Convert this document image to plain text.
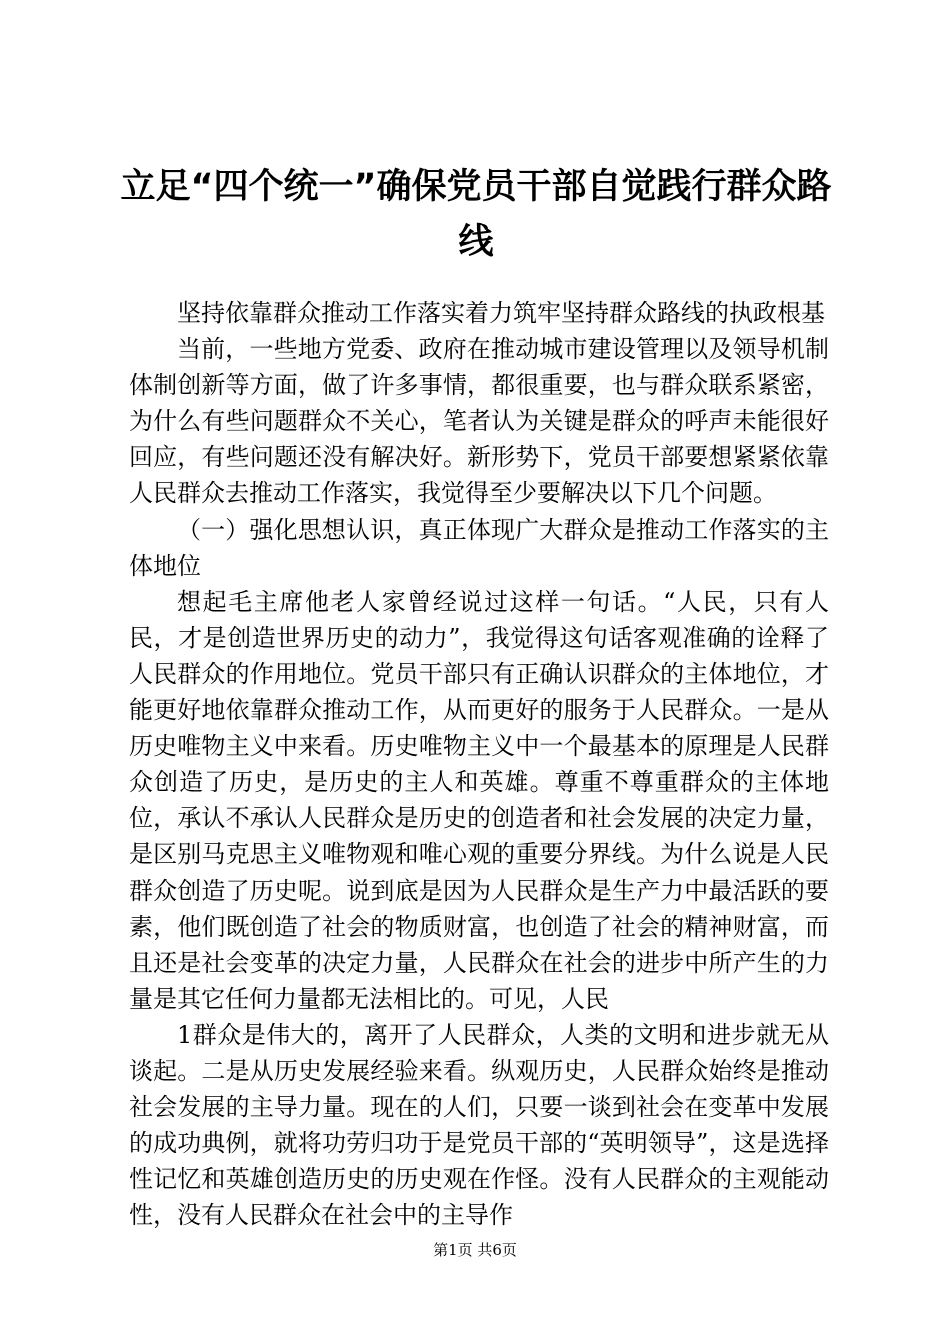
立足“四个统一”确保党员干部自觉践行群众路线

坚持依靠群众推动工作落实着力筑牢坚持群众路线的执政根基

当前，一些地方党委、政府在推动城市建设管理以及领导机制体制创新等方面，做了许多事情，都很重要，也与群众联系紧密，为什么有些问题群众不关心，笔者认为关键是群众的呼声未能很好回应，有些问题还没有解决好。新形势下，党员干部要想紧紧依靠人民群众去推动工作落实，我觉得至少要解决以下几个问题。

（一）强化思想认识，真正体现广大群众是推动工作落实的主体地位

想起毛主席他老人家曾经说过这样一句话。“人民，只有人民，才是创造世界历史的动力”，我觉得这句话客观准确的诠释了人民群众的作用地位。党员干部只有正确认识群众的主体地位，才能更好地依靠群众推动工作，从而更好的服务于人民群众。一是从历史唯物主义中来看。历史唯物主义中一个最基本的原理是人民群众创造了历史，是历史的主人和英雄。尊重不尊重群众的主体地位，承认不承认人民群众是历史的创造者和社会发展的决定力量，是区别马克思主义唯物观和唯心观的重要分界线。为什么说是人民群众创造了历史呢。说到底是因为人民群众是生产力中最活跃的要素，他们既创造了社会的物质财富，也创造了社会的精神财富，而且还是社会变革的决定力量，人民群众在社会的进步中所产生的力量是其它任何力量都无法相比的。可见，人民

1群众是伟大的，离开了人民群众，人类的文明和进步就无从谈起。二是从历史发展经验来看。纵观历史，人民群众始终是推动社会发展的主导力量。现在的人们，只要一谈到社会在变革中发展的成功典例，就将功劳归功于是党员干部的“英明领导”，这是选择性记忆和英雄创造历史的历史观在作怪。没有人民群众的主观能动性，没有人民群众在社会中的主导作

第1页 共6页
